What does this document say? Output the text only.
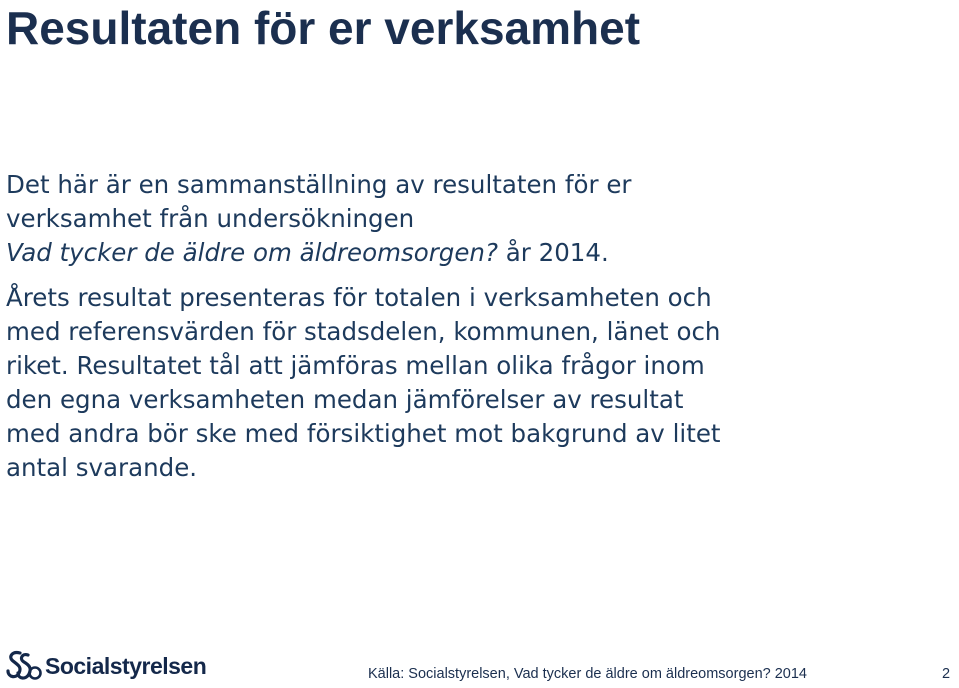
Resultaten för er verksamhet
Det här är en sammanställning av resultaten för er
verksamhet från undersökningen
Vad tycker de äldre om äldreomsorgen? år 2014.
Årets resultat presenteras för totalen i verksamheten och
med referensvärden för stadsdelen, kommunen, länet och
riket. Resultatet tål att jämföras mellan olika frågor inom
den egna verksamheten medan jämförelser av resultat
med andra bör ske med försiktighet mot bakgrund av litet
antal svarande.
Socialstyrelsen	Källa: Socialstyrelsen, Vad tycker de äldre om äldreomsorgen? 2014	2
